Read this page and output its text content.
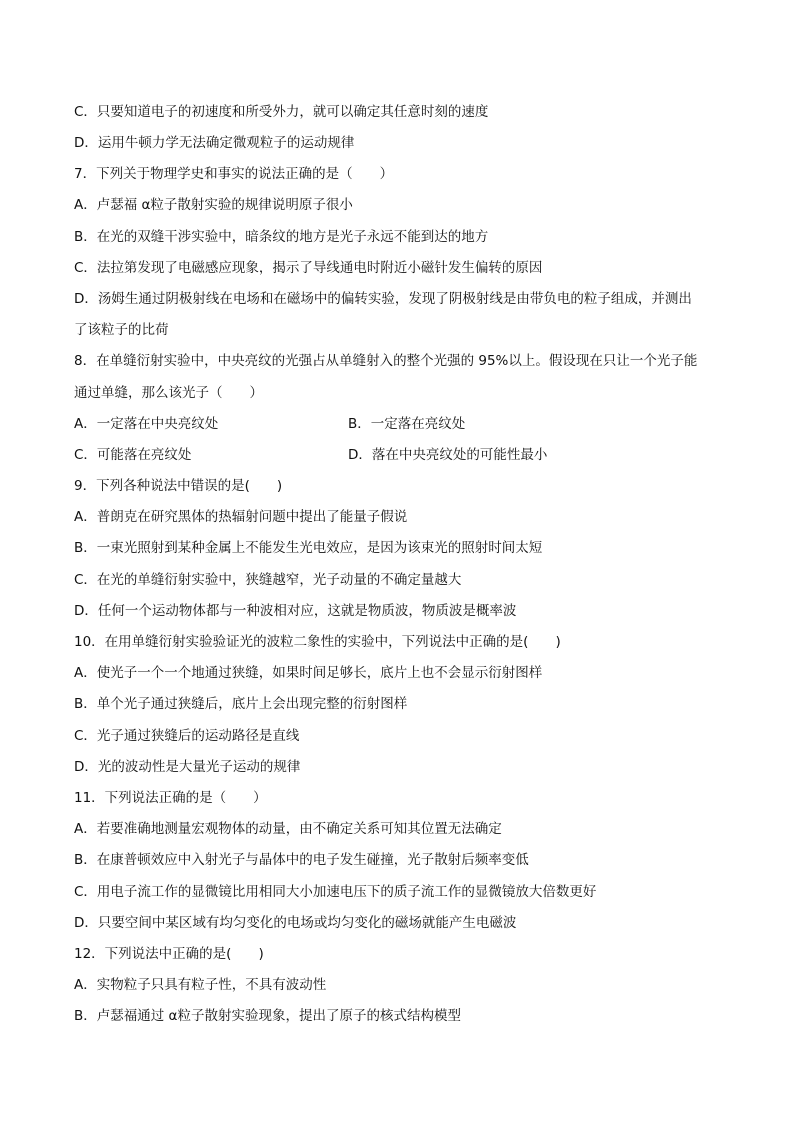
C．只要知道电子的初速度和所受外力，就可以确定其任意时刻的速度
D．运用牛顿力学无法确定微观粒子的运动规律
7．下列关于物理学史和事实的说法正确的是（　　）
A．卢瑟福 α粒子散射实验的规律说明原子很小
B．在光的双缝干涉实验中，暗条纹的地方是光子永远不能到达的地方
C．法拉第发现了电磁感应现象，揭示了导线通电时附近小磁针发生偏转的原因
D．汤姆生通过阴极射线在电场和在磁场中的偏转实验，发现了阴极射线是由带负电的粒子组成，并测出
了该粒子的比荷
8．在单缝衍射实验中，中央亮纹的光强占从单缝射入的整个光强的 95%以上。假设现在只让一个光子能
通过单缝，那么该光子（　　）
A．一定落在中央亮纹处	B．一定落在亮纹处
C．可能落在亮纹处	D．落在中央亮纹处的可能性最小
9．下列各种说法中错误的是(　　)
A．普朗克在研究黑体的热辐射问题中提出了能量子假说
B．一束光照射到某种金属上不能发生光电效应，是因为该束光的照射时间太短
C．在光的单缝衍射实验中，狭缝越窄，光子动量的不确定量越大
D．任何一个运动物体都与一种波相对应，这就是物质波，物质波是概率波
10．在用单缝衍射实验验证光的波粒二象性的实验中，下列说法中正确的是(　　)
A．使光子一个一个地通过狭缝，如果时间足够长，底片上也不会显示衍射图样
B．单个光子通过狭缝后，底片上会出现完整的衍射图样
C．光子通过狭缝后的运动路径是直线
D．光的波动性是大量光子运动的规律
11．下列说法正确的是（　　）
A．若要准确地测量宏观物体的动量，由不确定关系可知其位置无法确定
B．在康普顿效应中入射光子与晶体中的电子发生碰撞，光子散射后频率变低
C．用电子流工作的显微镜比用相同大小加速电压下的质子流工作的显微镜放大倍数更好
D．只要空间中某区域有均匀变化的电场或均匀变化的磁场就能产生电磁波
12．下列说法中正确的是(　　)
A．实物粒子只具有粒子性，不具有波动性
B．卢瑟福通过 α粒子散射实验现象，提出了原子的核式结构模型
